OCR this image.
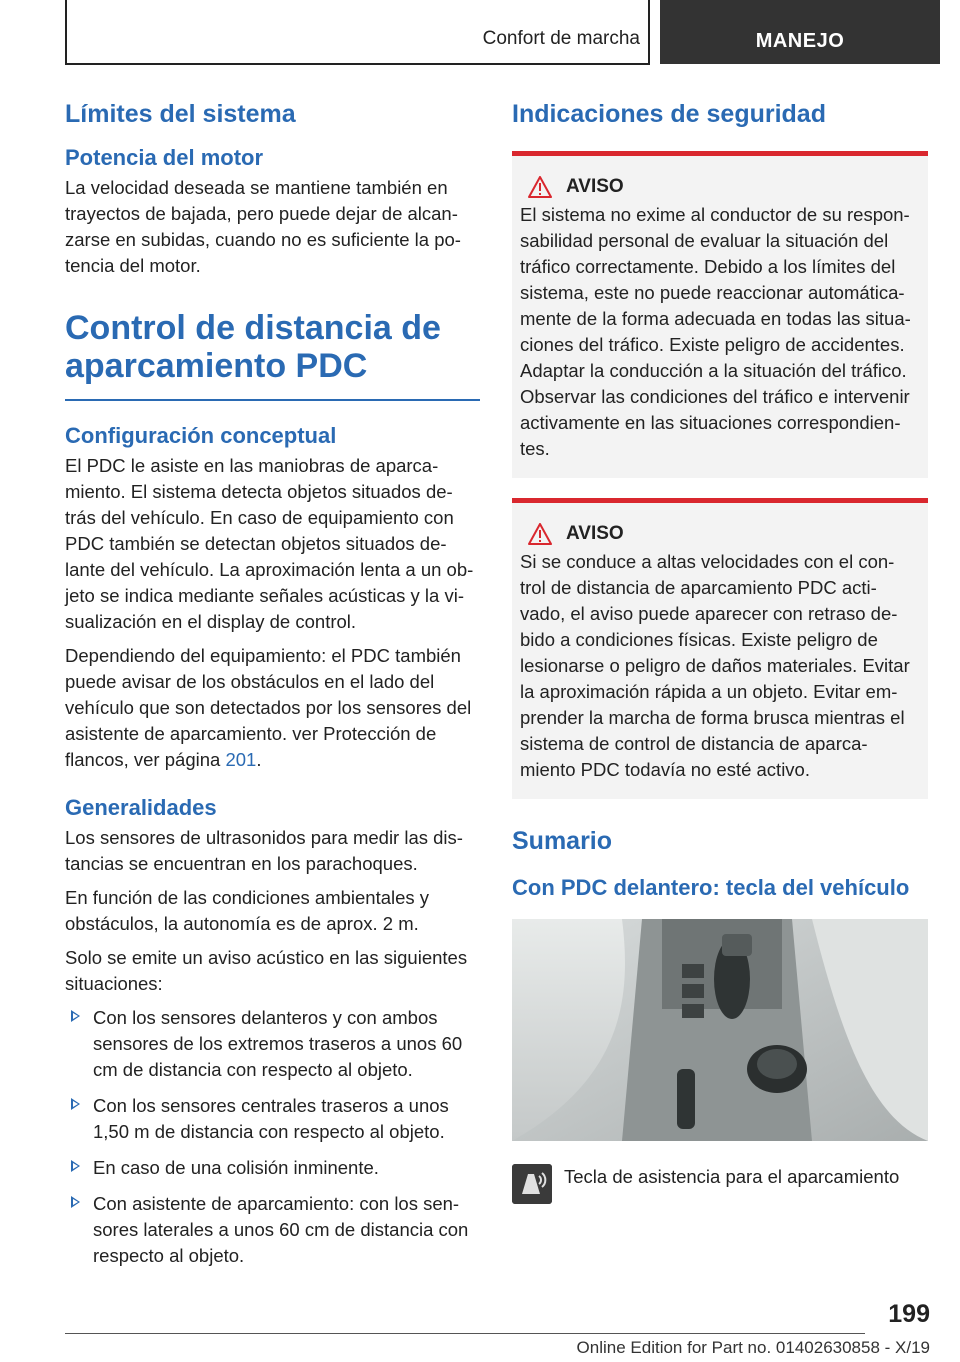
Confort de marcha	MANEJO
Límites del sistema
Potencia del motor

La velocidad deseada se mantiene también en trayectos de bajada, pero puede dejar de alcan‐zarse en subidas, cuando no es suficiente la po‐tencia del motor.

Control de distancia de aparcamiento PDC
Configuración conceptual

El PDC le asiste en las maniobras de aparca‐miento. El sistema detecta objetos situados de‐trás del vehículo. En caso de equipamiento con PDC también se detectan objetos situados de‐lante del vehículo. La aproximación lenta a un ob‐jeto se indica mediante señales acústicas y la vi‐sualización en el display de control.

Dependiendo del equipamiento: el PDC también puede avisar de los obstáculos en el lado del vehículo que son detectados por los sensores del asistente de aparcamiento. ver Protección de flancos, ver página 201.

Generalidades

Los sensores de ultrasonidos para medir las dis‐tancias se encuentran en los parachoques.

En función de las condiciones ambientales y obstáculos, la autonomía es de aprox. 2 m.

Solo se emite un aviso acústico en las siguientes situaciones:

Con los sensores delanteros y con ambos sensores de los extremos traseros a unos 60 cm de distancia con respecto al objeto.
Con los sensores centrales traseros a unos 1,50 m de distancia con respecto al objeto.
En caso de una colisión inminente.
Con asistente de aparcamiento: con los sen‐sores laterales a unos 60 cm de distancia con respecto al objeto.
Indicaciones de seguridad
AVISO

El sistema no exime al conductor de su respon‐sabilidad personal de evaluar la situación del tráfico correctamente. Debido a los límites del sistema, este no puede reaccionar automática‐mente de la forma adecuada en todas las situa‐ciones del tráfico. Existe peligro de accidentes. Adaptar la conducción a la situación del tráfico. Observar las condiciones del tráfico e intervenir activamente en las situaciones correspondien‐tes.

AVISO

Si se conduce a altas velocidades con el con‐trol de distancia de aparcamiento PDC acti‐vado, el aviso puede aparecer con retraso de‐bido a condiciones físicas. Existe peligro de lesionarse o peligro de daños materiales. Evitar la aproximación rápida a un objeto. Evitar em‐prender la marcha de forma brusca mientras el sistema de control de distancia de aparca‐miento PDC todavía no esté activo.

Sumario
Con PDC delantero: tecla del vehículo
Tecla de asistencia para el aparcamiento
199
Online Edition for Part no. 01402630858 - X/19
